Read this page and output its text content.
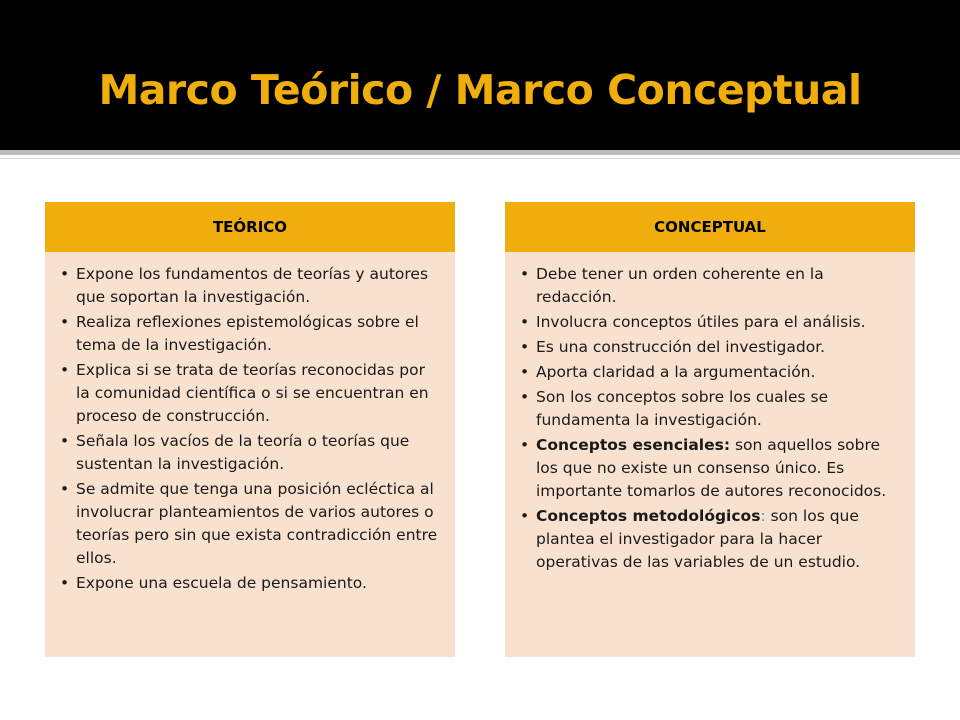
Marco Teórico / Marco Conceptual
TEÓRICO
• Expone los fundamentos de teorías y autores que soportan la investigación.
• Realiza reflexiones epistemológicas sobre el tema de la investigación.
• Explica si se trata de teorías reconocidas por la comunidad científica o si se encuentran en proceso de construcción.
• Señala los vacíos de la teoría o teorías que sustentan la investigación.
• Se admite que tenga una posición ecléctica al involucrar planteamientos de varios autores o teorías pero sin que exista contradicción entre ellos.
• Expone una escuela de pensamiento.
CONCEPTUAL
• Debe tener un orden coherente en la redacción.
• Involucra conceptos útiles para el análisis.
• Es una construcción del investigador.
• Aporta claridad a la argumentación.
• Son los conceptos sobre los cuales se fundamenta la investigación.
• Conceptos esenciales: son aquellos sobre los que no existe un consenso único. Es importante tomarlos de autores reconocidos.
• Conceptos metodológicos: son los que plantea el investigador para la hacer operativas de las variables de un estudio.
